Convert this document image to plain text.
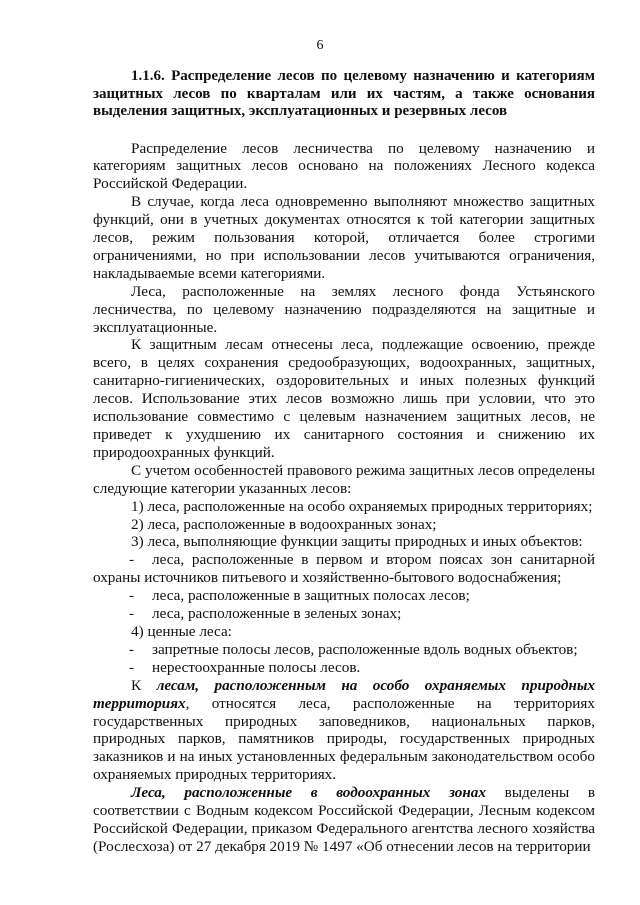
6
1.1.6. Распределение лесов по целевому назначению и категориям защитных лесов по кварталам или их частям, а также основания выделения защитных, эксплуатационных и резервных лесов

Распределение лесов лесничества по целевому назначению и категориям защитных лесов основано на положениях Лесного кодекса Российской Федерации.

В случае, когда леса одновременно выполняют множество защитных функций, они в учетных документах относятся к той категории защитных лесов, режим пользования которой, отличается более строгими ограничениями, но при использовании лесов учитываются ограничения, накладываемые всеми категориями.

Леса, расположенные на землях лесного фонда Устьянского лесничества, по целевому назначению подразделяются на защитные и эксплуатационные.

К защитным лесам отнесены леса, подлежащие освоению, прежде всего, в целях сохранения средообразующих, водоохранных, защитных, санитарно-гигиенических, оздоровительных и иных полезных функций лесов. Использование этих лесов возможно лишь при условии, что это использование совместимо с целевым назначением защитных лесов, не приведет к ухудшению их санитарного состояния и снижению их природоохранных функций.

С учетом особенностей правового режима защитных лесов определены следующие категории указанных лесов:

1) леса, расположенные на особо охраняемых природных территориях;
2) леса, расположенные в водоохранных зонах;
3) леса, выполняющие функции защиты природных и иных объектов:
- леса, расположенные в первом и втором поясах зон санитарной охраны источников питьевого и хозяйственно-бытового водоснабжения;
- леса, расположенные в защитных полосах лесов;
- леса, расположенные в зеленых зонах;
4) ценные леса:
- запретные полосы лесов, расположенные вдоль водных объектов;
- нерестоохранные полосы лесов.

К лесам, расположенным на особо охраняемых природных территориях, относятся леса, расположенные на территориях государственных природных заповедников, национальных парков, природных парков, памятников природы, государственных природных заказников и на иных установленных федеральным законодательством особо охраняемых природных территориях.

Леса, расположенные в водоохранных зонах выделены в соответствии с Водным кодексом Российской Федерации, Лесным кодексом Российской Федерации, приказом Федерального агентства лесного хозяйства (Рослесхоза) от 27 декабря 2019 № 1497 «Об отнесении лесов на территории
